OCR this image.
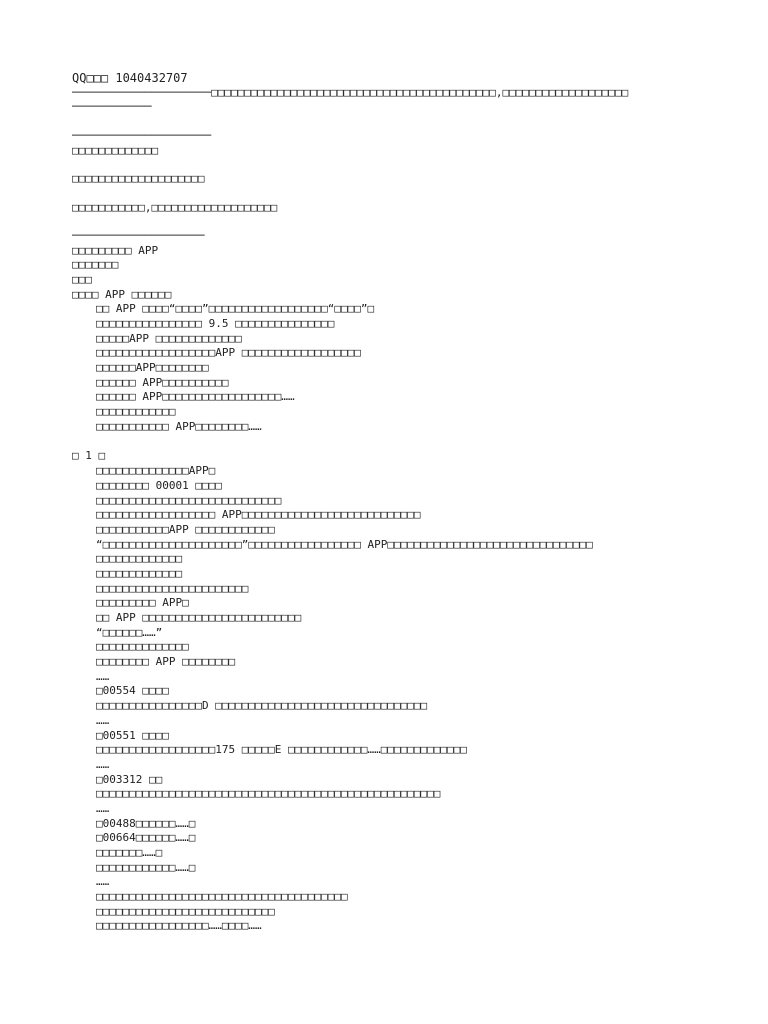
QQ□□□ 1040432707
─────────────────────□□□□□□□□□□□□□□□□□□□□□□□□□□□□□□□□□□□□□□□□□□□,□□□□□□□□□□□□□□□□□□□
────────────
─────────────────────
□□□□□□□□□□□□□
□□□□□□□□□□□□□□□□□□□□
□□□□□□□□□□□,□□□□□□□□□□□□□□□□□□□
────────────────────
□□□□□□□□□ APP
□□□□□□□
□□□
□□□□ APP □□□□□□
□□ APP □□□□“□□□□”□□□□□□□□□□□□□□□□□□“□□□□”□
□□□□□□□□□□□□□□□□ 9.5 □□□□□□□□□□□□□□□
□□□□□APP □□□□□□□□□□□□□
□□□□□□□□□□□□□□□□□□APP □□□□□□□□□□□□□□□□□□
□□□□□□APP□□□□□□□□
□□□□□□ APP□□□□□□□□□□
□□□□□□ APP□□□□□□□□□□□□□□□□□□……
□□□□□□□□□□□□
□□□□□□□□□□□ APP□□□□□□□□……
□ 1 □
□□□□□□□□□□□□□□APP□
□□□□□□□□ 00001 □□□□
□□□□□□□□□□□□□□□□□□□□□□□□□□□□
□□□□□□□□□□□□□□□□□□ APP□□□□□□□□□□□□□□□□□□□□□□□□□□□
□□□□□□□□□□□APP □□□□□□□□□□□□
“□□□□□□□□□□□□□□□□□□□□□”□□□□□□□□□□□□□□□□□ APP□□□□□□□□□□□□□□□□□□□□□□□□□□□□□□□
□□□□□□□□□□□□□
□□□□□□□□□□□□□
□□□□□□□□□□□□□□□□□□□□□□□
□□□□□□□□□ APP□
□□ APP □□□□□□□□□□□□□□□□□□□□□□□□
“□□□□□□……”
□□□□□□□□□□□□□□
□□□□□□□□ APP □□□□□□□□
……
□00554 □□□□
□□□□□□□□□□□□□□□□D □□□□□□□□□□□□□□□□□□□□□□□□□□□□□□□□
……
□00551 □□□□
□□□□□□□□□□□□□□□□□□175 □□□□□E □□□□□□□□□□□□……□□□□□□□□□□□□□
……
□003312 □□
□□□□□□□□□□□□□□□□□□□□□□□□□□□□□□□□□□□□□□□□□□□□□□□□□□□□
……
□00488□□□□□□……□
□00664□□□□□□……□
□□□□□□□……□
□□□□□□□□□□□□……□
……
□□□□□□□□□□□□□□□□□□□□□□□□□□□□□□□□□□□□□□
□□□□□□□□□□□□□□□□□□□□□□□□□□□
□□□□□□□□□□□□□□□□□……□□□□……
